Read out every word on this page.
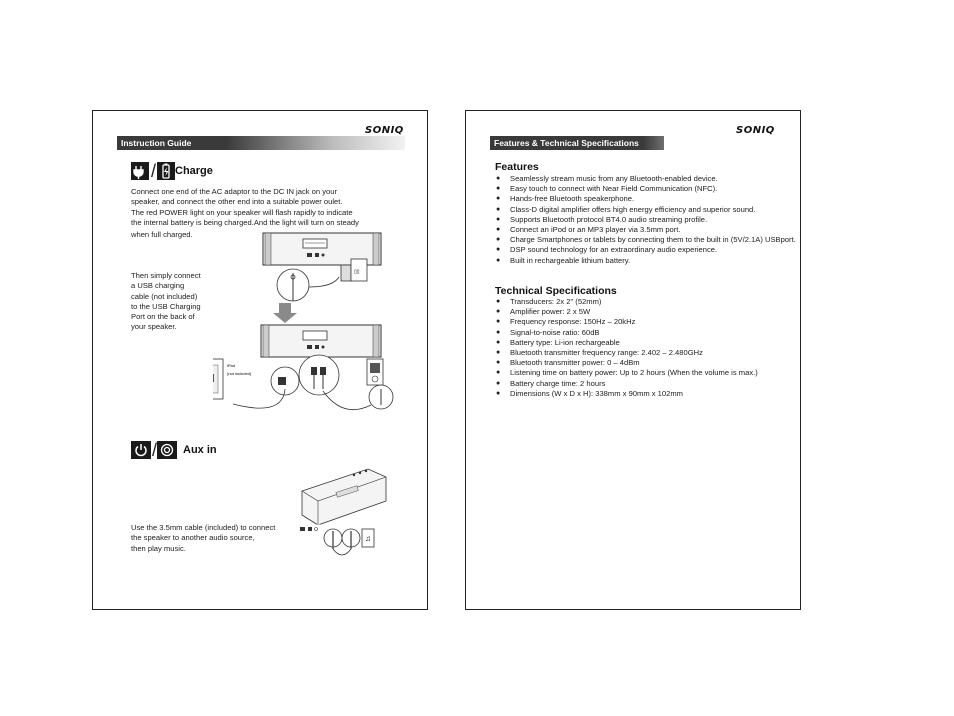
SONIQ
Instruction Guide
/ Charge
Connect one end of the AC adaptor to the DC IN jack on your
speaker, and connect the other end into a suitable power oulet.
The red POWER light on your speaker will flash rapidly to indicate
the internal battery is being charged.And the light will turn on steady
when full charged.
Then simply connect
a USB charging
cable (not included)
to the USB Charging
Port on the back of
your speaker.
▯▯
iPad
(not included)
/ Aux in
♫
Use the 3.5mm cable (included) to connect
the speaker to another audio source,
then play music.
SONIQ
Features & Technical Specifications
Features
● Seamlessly stream music from any Bluetooth-enabled device.
● Easy touch to connect with Near Field Communication (NFC).
● Hands-free Bluetooth speakerphone.
● Class-D digital amplifier offers high energy efficiency and superior sound.
● Supports Bluetooth protocol BT4.0 audio streaming profile.
● Connect an iPod or an MP3 player via 3.5mm port.
● Charge Smartphones or tablets by connecting them to the built in (5V/2.1A) USBport.
● DSP sound technology for an extraordinary audio experience.
● Built in rechargeable lithium battery.
Technical Specifications
● Transducers: 2x 2" (52mm)
● Amplifier power: 2 x 5W
● Frequency response: 150Hz – 20kHz
● Signal-to-noise ratio: 60dB
● Battery type: Li-ion rechargeable
● Bluetooth transmitter frequency range: 2.402 – 2.480GHz
● Bluetooth transmitter power: 0 – 4dBm
● Listening time on battery power: Up to 2 hours (When the volume is max.)
● Battery charge time: 2 hours
● Dimensions (W x D x H): 338mm x 90mm x 102mm
